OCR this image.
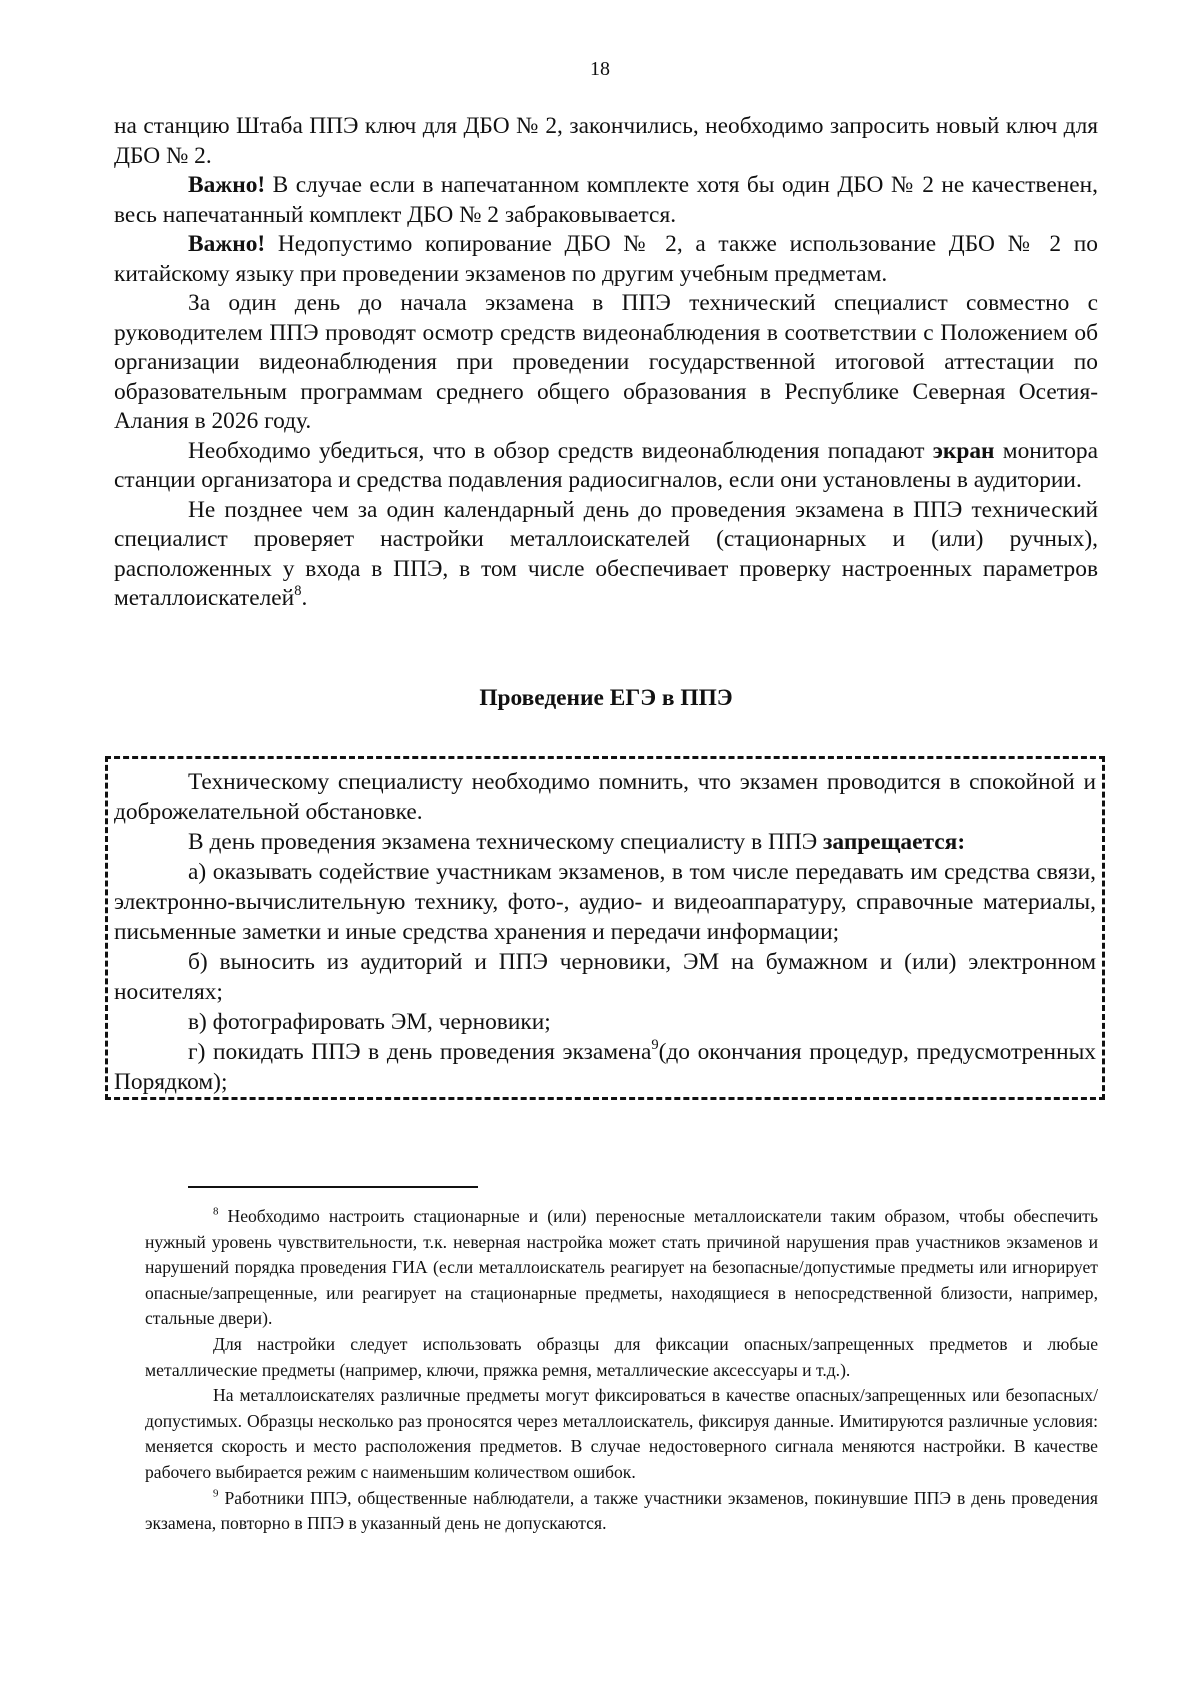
18

на станцию Штаба ППЭ ключ для ДБО № 2, закончились, необходимо запросить новый ключ для ДБО № 2.

Важно! В случае если в напечатанном комплекте хотя бы один ДБО № 2 не качественен, весь напечатанный комплект ДБО № 2 забраковывается.

Важно! Недопустимо копирование ДБО № 2, а также использование ДБО № 2 по китайскому языку при проведении экзаменов по другим учебным предметам.

За один день до начала экзамена в ППЭ технический специалист совместно с руководителем ППЭ проводят осмотр средств видеонаблюдения в соответствии с Положением об организации видеонаблюдения при проведении государственной итоговой аттестации по образовательным программам среднего общего образования в Республике Северная Осетия-Алания в 2026 году.

Необходимо убедиться, что в обзор средств видеонаблюдения попадают экран монитора станции организатора и средства подавления радиосигналов, если они установлены в аудитории.

Не позднее чем за один календарный день до проведения экзамена в ППЭ технический специалист проверяет настройки металлоискателей (стационарных и (или) ручных), расположенных у входа в ППЭ, в том числе обеспечивает проверку настроенных параметров металлоискателей$^8$.

Проведение ЕГЭ в ППЭ

Техническому специалисту необходимо помнить, что экзамен проводится в спокойной и доброжелательной обстановке.

В день проведения экзамена техническому специалисту в ППЭ запрещается:

а) оказывать содействие участникам экзаменов, в том числе передавать им средства связи, электронно-вычислительную технику, фото-, аудио- и видеоаппаратуру, справочные материалы, письменные заметки и иные средства хранения и передачи информации;

б) выносить из аудиторий и ППЭ черновики, ЭМ на бумажном и (или) электронном носителях;

в) фотографировать ЭМ, черновики;

г) покидать ППЭ в день проведения экзамена$^9$(до окончания процедур, предусмотренных Порядком);

$^8$ Необходимо настроить стационарные и (или) переносные металлоискатели таким образом, чтобы обеспечить нужный уровень чувствительности, т.к. неверная настройка может стать причиной нарушения прав участников экзаменов и нарушений порядка проведения ГИА (если металлоискатель реагирует на безопасные/допустимые предметы или игнорирует опасные/запрещенные, или реагирует на стационарные предметы, находящиеся в непосредственной близости, например, стальные двери).

Для настройки следует использовать образцы для фиксации опасных/запрещенных предметов и любые металлические предметы (например, ключи, пряжка ремня, металлические аксессуары и т.д.).

На металлоискателях различные предметы могут фиксироваться в качестве опасных/запрещенных или безопасных/допустимых. Образцы несколько раз проносятся через металлоискатель, фиксируя данные. Имитируются различные условия: меняется скорость и место расположения предметов. В случае недостоверного сигнала меняются настройки. В качестве рабочего выбирается режим с наименьшим количеством ошибок.

$^9$ Работники ППЭ, общественные наблюдатели, а также участники экзаменов, покинувшие ППЭ в день проведения экзамена, повторно в ППЭ в указанный день не допускаются.
